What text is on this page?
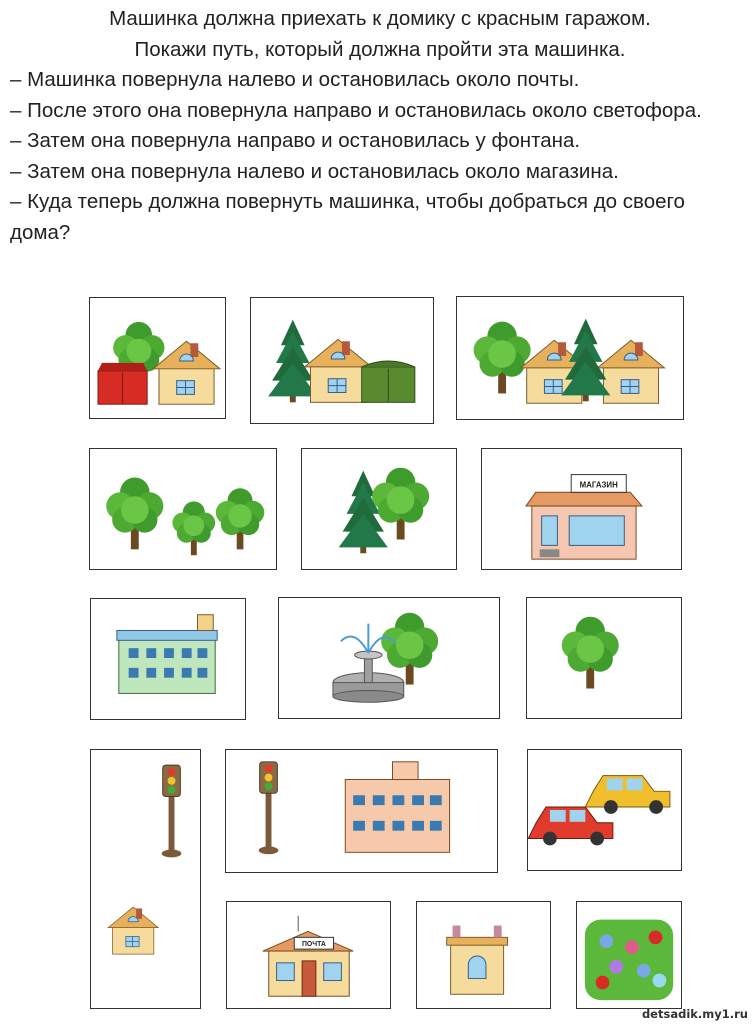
Машинка должна приехать к домику с красным гаражом.

Покажи путь, который должна пройти эта машинка.

– Машинка повернула налево и остановилась около почты.

– После этого она повернула направо и остановилась около светофора.

– Затем она повернула направо и остановилась у фонтана.

– Затем она повернула налево и остановилась около магазина.

– Куда теперь должна повернуть машинка, чтобы добраться до своего дома?

МАГАЗИН
ПОЧТА
detsadik.my1.ru
